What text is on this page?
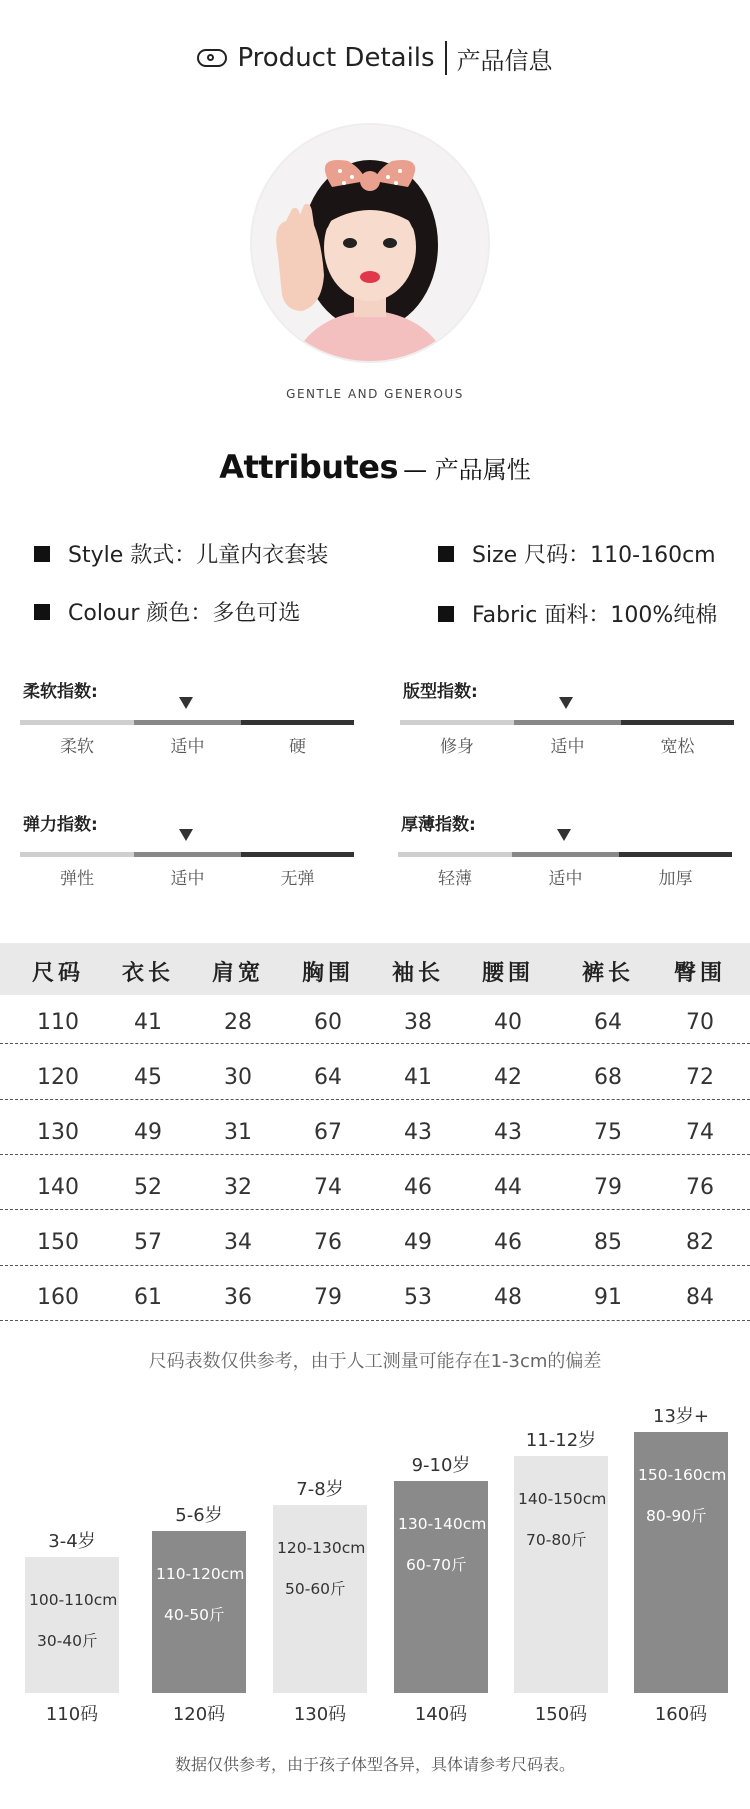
Product Details 产品信息
GENTLE AND GENEROUS
Attributes — 产品属性
Style 款式：儿童内衣套装	Size 尺码：110-160cm
Colour 颜色：多色可选	Fabric 面料：100%纯棉
柔软指数:
柔软	适中	硬
版型指数:
修身	适中	宽松
弹力指数:
弹性	适中	无弹
厚薄指数:
轻薄	适中	加厚
尺码 衣长 肩宽 胸围 袖长 腰围 裤长 臀围
110	41	28	60	38	40	64	70
120	45	30	64	41	42	68	72
130	49	31	67	43	43	75	74
140	52	32	74	46	44	79	76
150	57	34	76	49	46	85	82
160	61	36	79	53	48	91	84
尺码表数仅供参考，由于人工测量可能存在1-3cm的偏差
3-4岁
100-110cm
30-40斤
110码
5-6岁
110-120cm
40-50斤
120码
7-8岁
120-130cm
50-60斤
130码
9-10岁
130-140cm
60-70斤
140码
11-12岁
140-150cm
70-80斤
150码
13岁+
150-160cm
80-90斤
160码
数据仅供参考，由于孩子体型各异，具体请参考尺码表。
